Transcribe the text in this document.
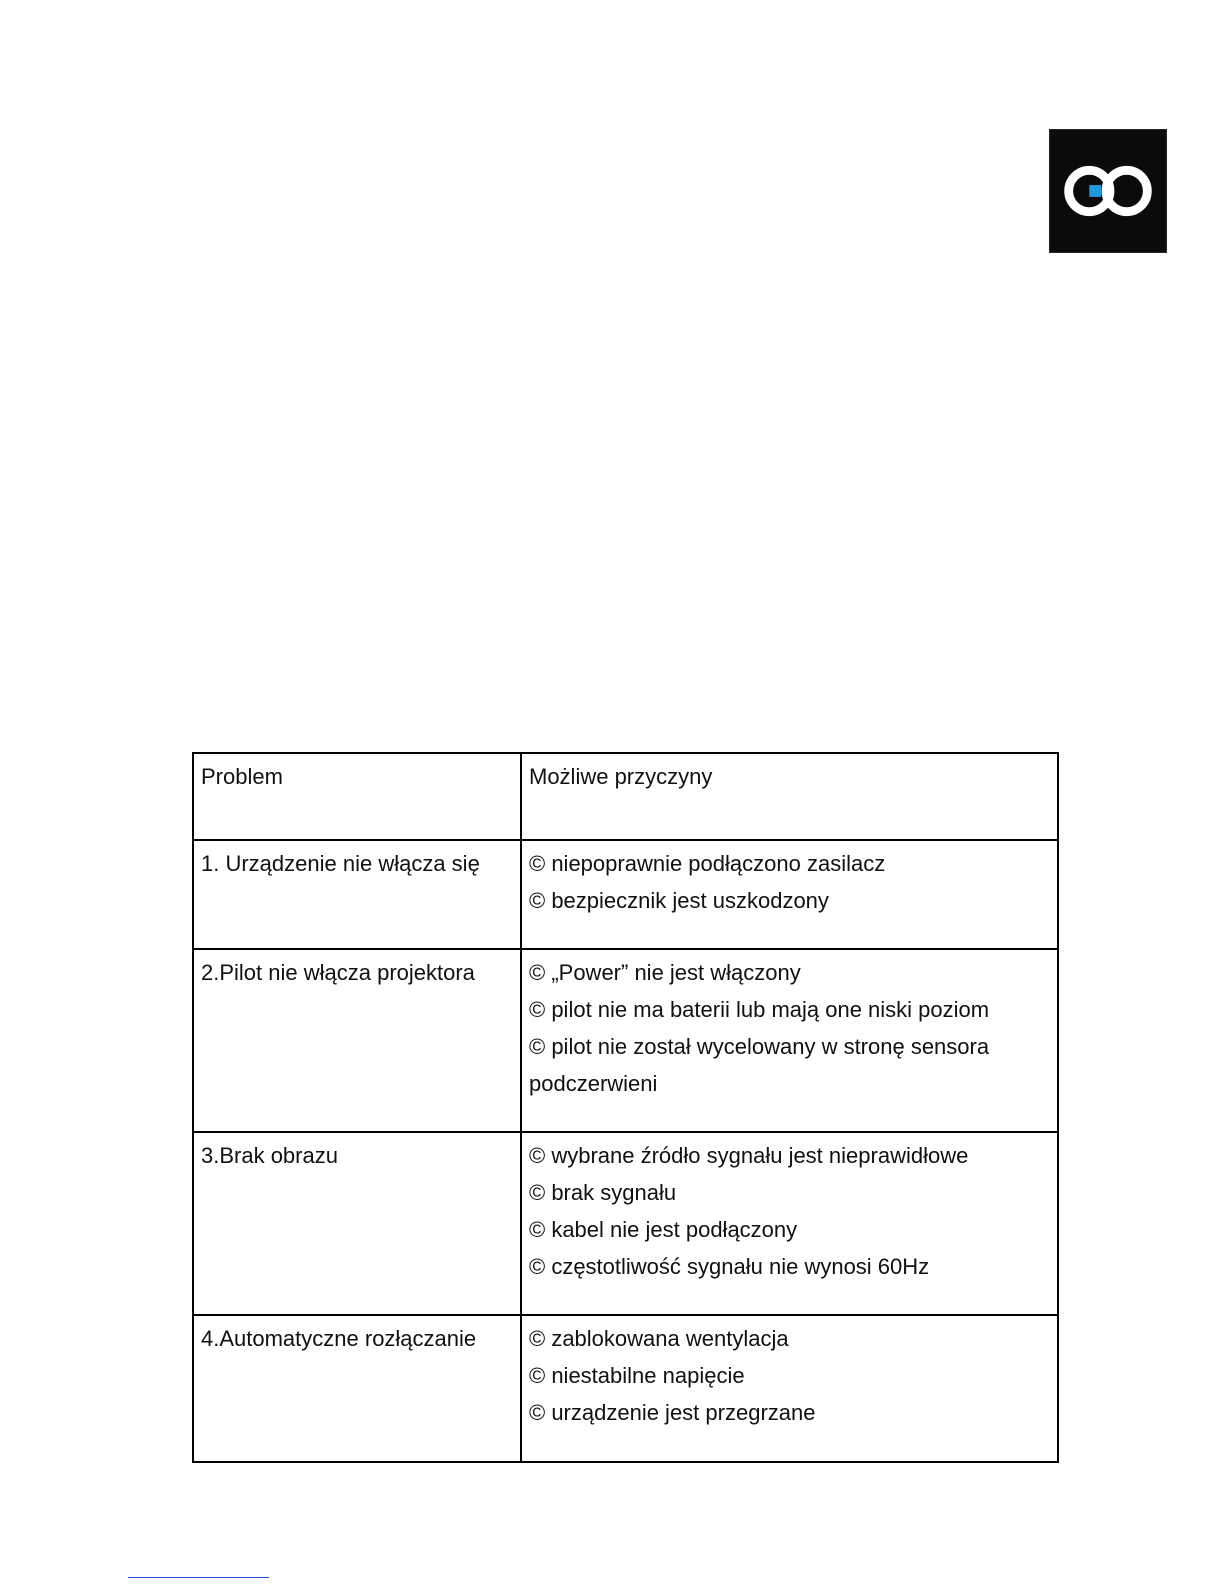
Problem	Możliwe przyczyny
1. Urządzenie nie włącza się	© niepoprawnie podłączono zasilacz
© bezpiecznik jest uszkodzony

2.Pilot nie włącza projektora	© „Power” nie jest włączony
© pilot nie ma baterii lub mają one niski poziom
© pilot nie został wycelowany w stronę sensora podczerwieni

3.Brak obrazu	© wybrane źródło sygnału jest nieprawidłowe
© brak sygnału
© kabel nie jest podłączony
© częstotliwość sygnału nie wynosi 60Hz

4.Automatyczne rozłączanie	© zablokowana wentylacja
© niestabilne napięcie
© urządzenie jest przegrzane
